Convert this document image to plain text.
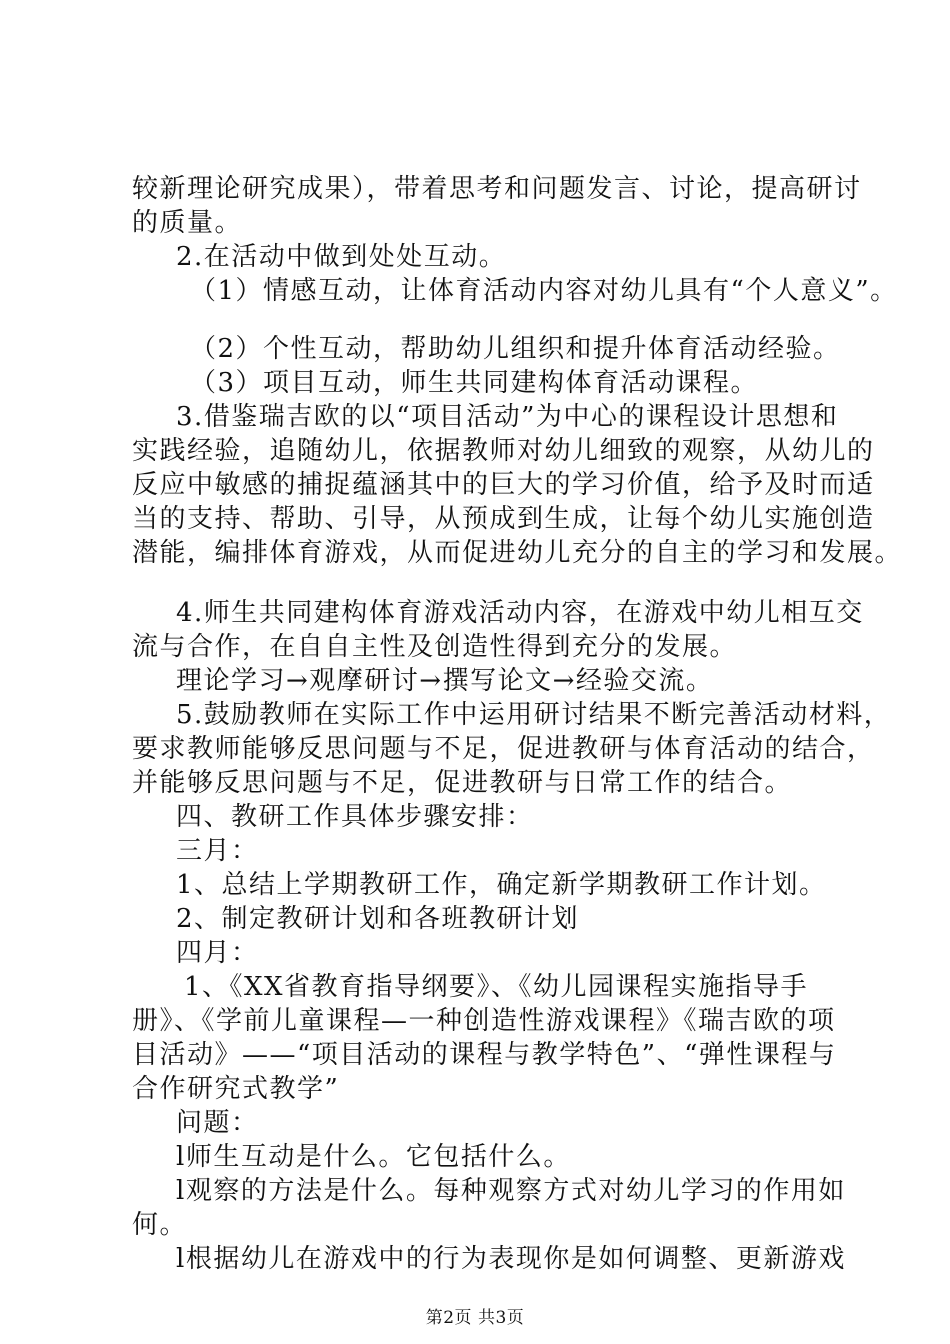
较新理论研究成果），带着思考和问题发言、讨论，提高研讨
的质量。
2.在活动中做到处处互动。
（1）情感互动，让体育活动内容对幼儿具有“个人意义”。
（2）个性互动，帮助幼儿组织和提升体育活动经验。
（3）项目互动，师生共同建构体育活动课程。
3.借鉴瑞吉欧的以“项目活动”为中心的课程设计思想和
实践经验，追随幼儿，依据教师对幼儿细致的观察，从幼儿的
反应中敏感的捕捉蕴涵其中的巨大的学习价值，给予及时而适
当的支持、帮助、引导，从预成到生成，让每个幼儿实施创造
潜能，编排体育游戏，从而促进幼儿充分的自主的学习和发展。
4.师生共同建构体育游戏活动内容，在游戏中幼儿相互交
流与合作，在自自主性及创造性得到充分的发展。
理论学习→观摩研讨→撰写论文→经验交流。
5.鼓励教师在实际工作中运用研讨结果不断完善活动材料，
要求教师能够反思问题与不足，促进教研与体育活动的结合，
并能够反思问题与不足，促进教研与日常工作的结合。
四、教研工作具体步骤安排：
三月：
1、总结上学期教研工作，确定新学期教研工作计划。
2、制定教研计划和各班教研计划
四月：
1、《XX省教育指导纲要》、《幼儿园课程实施指导手
册》、《学前儿童课程—一种创造性游戏课程》《瑞吉欧的项
目活动》——“项目活动的课程与教学特色”、“弹性课程与
合作研究式教学”
问题：
l师生互动是什么。它包括什么。
l观察的方法是什么。每种观察方式对幼儿学习的作用如
何。
l根据幼儿在游戏中的行为表现你是如何调整、更新游戏
第2页 共3页
